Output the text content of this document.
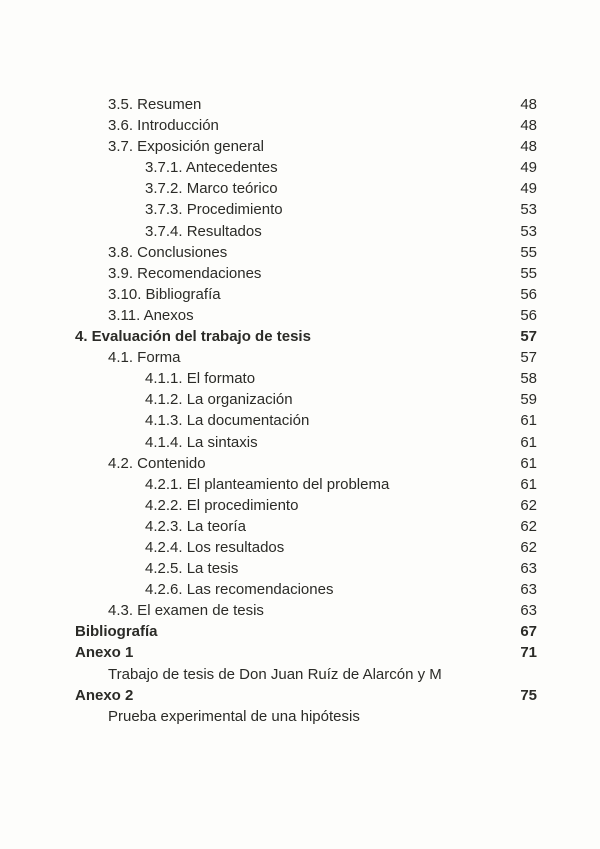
3.5. Resumen	48
3.6. Introducción	48
3.7. Exposición general	48
3.7.1. Antecedentes	49
3.7.2. Marco teórico	49
3.7.3. Procedimiento	53
3.7.4. Resultados	53
3.8. Conclusiones	55
3.9. Recomendaciones	55
3.10. Bibliografía	56
3.11. Anexos	56
4. Evaluación del trabajo de tesis	57
4.1. Forma	57
4.1.1. El formato	58
4.1.2. La organización	59
4.1.3. La documentación	61
4.1.4. La sintaxis	61
4.2. Contenido	61
4.2.1. El planteamiento del problema	61
4.2.2. El procedimiento	62
4.2.3. La teoría	62
4.2.4. Los resultados	62
4.2.5. La tesis	63
4.2.6. Las recomendaciones	63
4.3. El examen de tesis	63
Bibliografía	67
Anexo 1	71
Trabajo de tesis de Don Juan Ruíz de Alarcón y M
Anexo 2	75
Prueba experimental de una hipótesis
